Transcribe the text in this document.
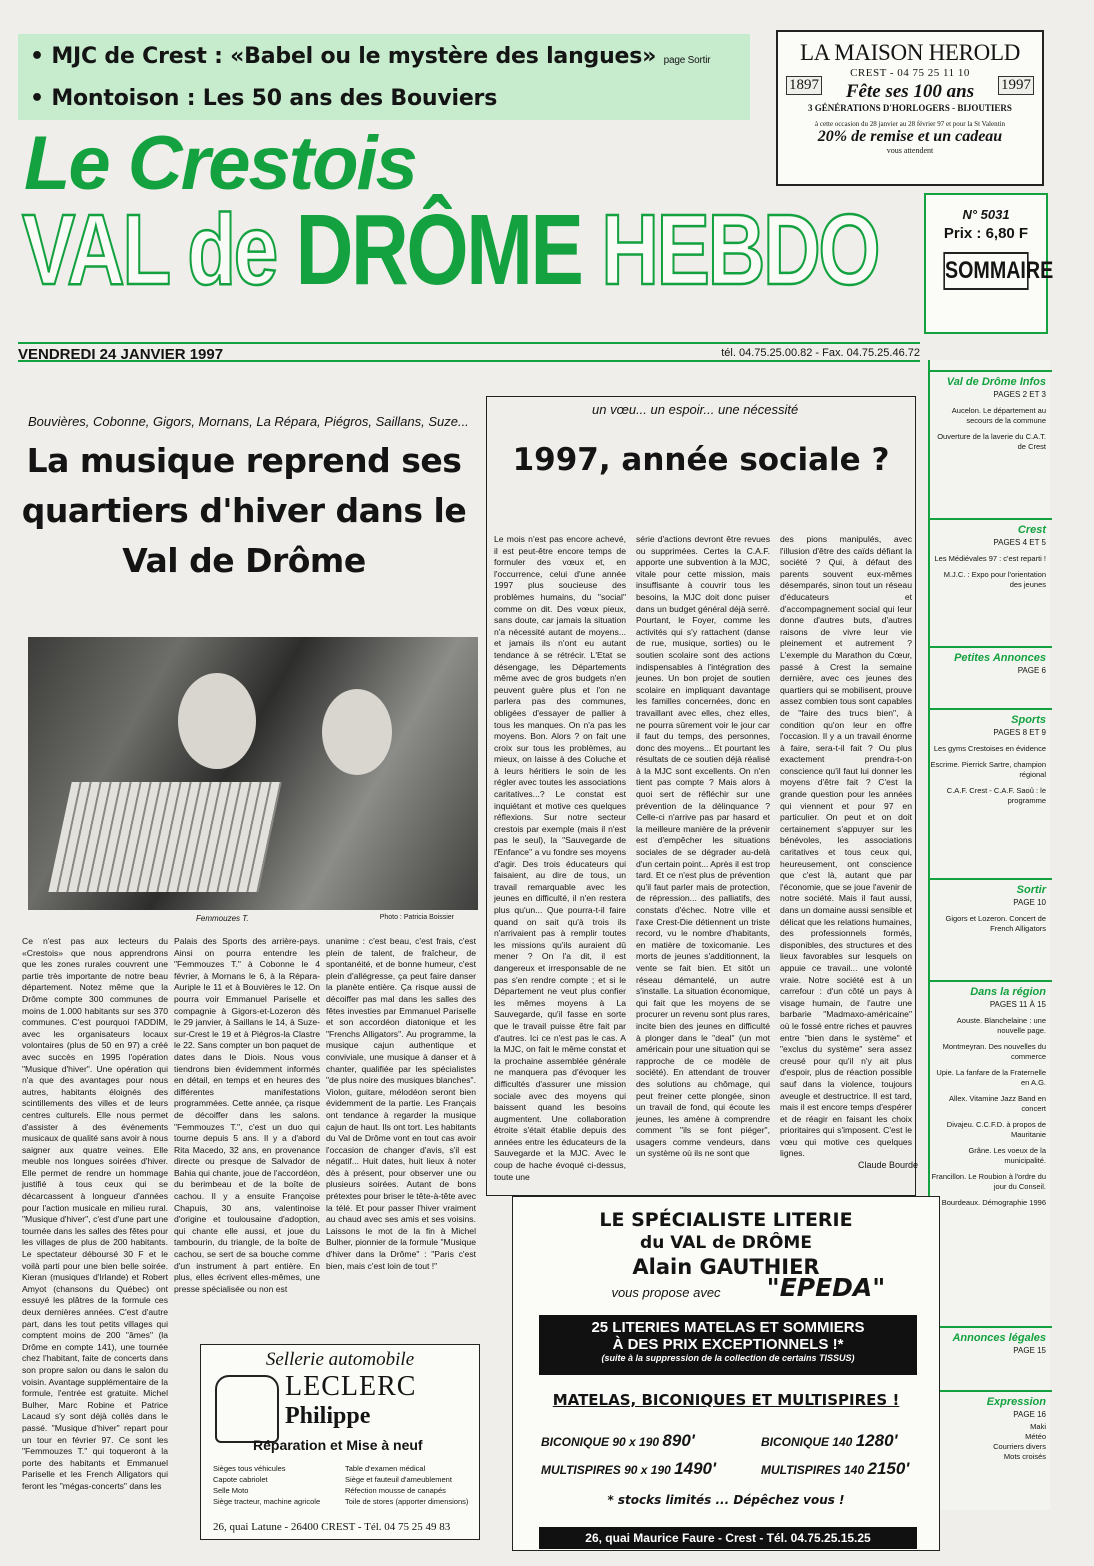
• MJC de Crest : «Babel ou le mystère des langues» page Sortir
• Montoison : Les 50 ans des Bouviers
LA MAISON HEROLD
1897	1997
CREST - 04 75 25 11 10
Fête ses 100 ans
3 GÉNÉRATIONS D'HORLOGERS - BIJOUTIERS
à cette occasion du 28 janvier au 28 février 97 et pour la St Valentin
20% de remise et un cadeau
vous attendent
Le Crestois
VAL de DRÔME HEBDO	N° 5031
Prix : 6,80 F
SOMMAIRE
VENDREDI 24 JANVIER 1997	tél. 04.75.25.00.82 - Fax. 04.75.25.46.72
Val de Drôme Infos
PAGES 2 ET 3
Aucelon. Le département au secours de la commune
Ouverture de la laverie du C.A.T. de Crest
Crest
PAGES 4 ET 5
Les Médiévales 97 : c'est reparti !
M.J.C. : Expo pour l'orientation des jeunes
Petites Annonces
PAGE 6
Sports
PAGES 8 ET 9
Les gyms Crestoises en évidence
Escrime. Pierrick Sartre, champion régional
C.A.F. Crest - C.A.F. Saoû : le programme
Sortir
PAGE 10
Gigors et Lozeron. Concert de French Alligators
Dans la région
PAGES 11 À 15
Aouste. Blanchelaine : une nouvelle page.
Montmeyran. Des nouvelles du commerce
Upie. La fanfare de la Fraternelle en A.G.
Allex. Vitamine Jazz Band en concert
Divajeu. C.C.F.D. à propos de Mauritanie
Grâne. Les voeux de la municipalité.
Francillon. Le Roubion à l'ordre du jour du Conseil.
Bourdeaux. Démographie 1996
Annonces légales
PAGE 15
Expression
PAGE 16
Maki
Météo
Courriers divers
Mots croisés
Bouvières, Cobonne, Gigors, Mornans, La Répara, Piégros, Saillans, Suze...
La musique reprend ses quartiers d'hiver dans le Val de Drôme
Femmouzes T.	Photo : Patricia Boissier
Ce n'est pas aux lecteurs du «Crestois» que nous apprendrons que les zones rurales couvrent une partie très importante de notre beau département. Notez même que la Drôme compte 300 communes de moins de 1.000 habitants sur ses 370 communes. C'est pourquoi l'ADDIM, avec les organisateurs locaux volontaires (plus de 50 en 97) a créé avec succès en 1995 l'opération "Musique d'hiver". Une opération qui n'a que des avantages pour nous autres, habitants éloignés des scintillements des villes et de leurs centres culturels. Elle nous permet d'assister à des événements musicaux de qualité sans avoir à nous saigner aux quatre veines. Elle meuble nos longues soirées d'hiver. Elle permet de rendre un hommage justifié à tous ceux qui se décarcassent à longueur d'années pour l'action musicale en milieu rural. "Musique d'hiver", c'est d'une part une tournée dans les salles des fêtes pour les villages de plus de 200 habitants. Le spectateur déboursé 30 F et le voilà parti pour une bien belle soirée. Kieran (musiques d'Irlande) et Robert Amyot (chansons du Québec) ont essuyé les plâtres de la formule ces deux dernières années. C'est d'autre part, dans les tout petits villages qui comptent moins de 200 "âmes" (la Drôme en compte 141), une tournée chez l'habitant, faite de concerts dans son propre salon ou dans le salon du voisin. Avantage supplémentaire de la formule, l'entrée est gratuite. Michel Bulher, Marc Robine et Patrice Lacaud s'y sont déjà collés dans le passé. "Musique d'hiver" repart pour un tour en février 97. Ce sont les "Femmouzes T." qui toqueront à la porte des habitants et Emmanuel Pariselle et les French Alligators qui feront les "mégas-concerts" dans les
Palais des Sports des arrière-pays. Ainsi on pourra entendre les "Femmouzes T." à Cobonne le 4 février, à Mornans le 6, à la Répara-Auriple le 11 et à Bouvières le 12. On pourra voir Emmanuel Pariselle et compagnie à Gigors-et-Lozeron dès le 29 janvier, à Saillans le 14, à Suze-sur-Crest le 19 et à Piégros-la Clastre le 22. Sans compter un bon paquet de dates dans le Diois. Nous vous tiendrons bien évidemment informés en détail, en temps et en heures des différentes manifestations programmées. Cette année, ça risque de décoiffer dans les salons. "Femmouzes T.", c'est un duo qui tourne depuis 5 ans. Il y a d'abord Rita Macedo, 32 ans, en provenance directe ou presque de Salvador de Bahia qui chante, joue de l'accordéon, du berimbeau et de la boîte de cachou. Il y a ensuite Françoise Chapuis, 30 ans, valentinoise d'origine et toulousaine d'adoption, qui chante elle aussi, et joue du tambourin, du triangle, de la boîte de cachou, se sert de sa bouche comme d'un instrument à part entière. En plus, elles écrivent elles-mêmes, une presse spécialisée ou non est
unanime : c'est beau, c'est frais, c'est plein de talent, de fraîcheur, de spontanéité, et de bonne humeur, c'est plein d'allégresse, ça peut faire danser la planète entière. Ça risque aussi de décoiffer pas mal dans les salles des fêtes investies par Emmanuel Pariselle et son accordéon diatonique et les "Frenchs Alligators". Au programme, la musique cajun authentique et conviviale, une musique à danser et à chanter, qualifiée par les spécialistes "de plus noire des musiques blanches". Violon, guitare, mélodéon seront bien évidemment de la partie. Les Français ont tendance à regarder la musique cajun de haut. Ils ont tort. Les habitants du Val de Drôme vont en tout cas avoir l'occasion de changer d'avis, s'il est négatif... Huit dates, huit lieux à noter dès à présent, pour observer une ou plusieurs soirées. Autant de bons prétextes pour briser le tête-à-tête avec la télé. Et pour passer l'hiver vraiment au chaud avec ses amis et ses voisins. Laissons le mot de la fin à Michel Bulher, pionnier de la formule "Musique d'hiver dans la Drôme" : "Paris c'est bien, mais c'est loin de tout !"
Sellerie automobile
LECLERC
Philippe
Réparation et Mise à neuf
Sièges tous véhicules
Capote cabriolet
Selle Moto
Siège tracteur, machine agricole
Table d'examen médical
Siège et fauteuil d'ameublement
Réfection mousse de canapés
Toile de stores (apporter dimensions)
26, quai Latune - 26400 CREST - Tél. 04 75 25 49 83
un vœu... un espoir... une nécessité
1997, année sociale ?
Le mois n'est pas encore achevé, il est peut-être encore temps de formuler des vœux et, en l'occurrence, celui d'une année 1997 plus soucieuse des problèmes humains, du "social" comme on dit. Des vœux pieux, sans doute, car jamais la situation n'a nécessité autant de moyens... et jamais ils n'ont eu autant tendance à se rétrécir. L'Etat se désengage, les Départements même avec de gros budgets n'en peuvent guère plus et l'on ne parlera pas des communes, obligées d'essayer de pallier à tous les manques. On n'a pas les moyens. Bon. Alors ? on fait une croix sur tous les problèmes, au mieux, on laisse à des Coluche et à leurs héritiers le soin de les régler avec toutes les associations caritatives...? Le constat est inquiétant et motive ces quelques réflexions. Sur notre secteur crestois par exemple (mais il n'est pas le seul), la "Sauvegarde de l'Enfance" a vu fondre ses moyens d'agir. Des trois éducateurs qui faisaient, au dire de tous, un travail remarquable avec les jeunes en difficulté, il n'en restera plus qu'un... Que pourra-t-il faire quand on sait qu'à trois ils n'arrivaient pas à remplir toutes les missions qu'ils auraient dû mener ? On l'a dit, il est dangereux et irresponsable de ne pas s'en rendre compte ; et si le Département ne veut plus confier les mêmes moyens à La Sauvegarde, qu'il fasse en sorte que le travail puisse être fait par d'autres. Ici ce n'est pas le cas. A la MJC, on fait le même constat et la prochaine assemblée générale ne manquera pas d'évoquer les difficultés d'assurer une mission sociale avec des moyens qui baissent quand les besoins augmentent. Une collaboration étroite s'était établie depuis des années entre les éducateurs de la Sauvegarde et la MJC. Avec le coup de hache évoqué ci-dessus, toute une
série d'actions devront être revues ou supprimées. Certes la C.A.F. apporte une subvention à la MJC, vitale pour cette mission, mais insuffisante à couvrir tous les besoins, la MJC doit donc puiser dans un budget général déjà serré. Pourtant, le Foyer, comme les activités qui s'y rattachent (danse de rue, musique, sorties) ou le soutien scolaire sont des actions indispensables à l'intégration des jeunes. Un bon projet de soutien scolaire en impliquant davantage les familles concernées, donc en travaillant avec elles, chez elles, ne pourra sûrement voir le jour car il faut du temps, des personnes, donc des moyens... Et pourtant les résultats de ce soutien déjà réalisé à la MJC sont excellents. On n'en tient pas compte ? Mais alors à quoi sert de réfléchir sur une prévention de la délinquance ? Celle-ci n'arrive pas par hasard et la meilleure manière de la prévenir est d'empêcher les situations sociales de se dégrader au-delà d'un certain point... Après il est trop tard. Et ce n'est plus de prévention qu'il faut parler mais de protection, de répression... des palliatifs, des constats d'échec. Notre ville et l'axe Crest-Die détiennent un triste record, vu le nombre d'habitants, en matière de toxicomanie. Les morts de jeunes s'additionnent, la vente se fait bien. Et sitôt un réseau démantelé, un autre s'installe. La situation économique, qui fait que les moyens de se procurer un revenu sont plus rares, incite bien des jeunes en difficulté à plonger dans le "deal" (un mot américain pour une situation qui se rapproche de ce modèle de société). En attendant de trouver des solutions au chômage, qui peut freiner cette plongée, sinon un travail de fond, qui écoute les jeunes, les amène à comprendre comment "ils se font piéger", usagers comme vendeurs, dans un système où ils ne sont que
des pions manipulés, avec l'illusion d'être des caïds défiant la société ? Qui, à défaut des parents souvent eux-mêmes désemparés, sinon tout un réseau d'éducateurs et d'accompagnement social qui leur donne d'autres buts, d'autres raisons de vivre leur vie pleinement et autrement ? L'exemple du Marathon du Cœur, passé à Crest la semaine dernière, avec ces jeunes des quartiers qui se mobilisent, prouve assez combien tous sont capables de "faire des trucs bien", à condition qu'on leur en offre l'occasion. Il y a un travail énorme à faire, sera-t-il fait ? Ou plus exactement prendra-t-on conscience qu'il faut lui donner les moyens d'être fait ? C'est la grande question pour les années qui viennent et pour 97 en particulier. On peut et on doit certainement s'appuyer sur les bénévoles, les associations caritatives et tous ceux qui, heureusement, ont conscience que c'est là, autant que par l'économie, que se joue l'avenir de notre société. Mais il faut aussi, dans un domaine aussi sensible et délicat que les relations humaines, des professionnels formés, disponibles, des structures et des lieux favorables sur lesquels on appuie ce travail... une volonté vraie. Notre société est à un carrefour : d'un côté un pays à visage humain, de l'autre une barbarie "Madmaxo-américaine" où le fossé entre riches et pauvres entre "bien dans le système" et "exclus du système" sera assez creusé pour qu'il n'y ait plus d'espoir, plus de réaction possible sauf dans la violence, toujours aveugle et destructrice. Il est tard, mais il est encore temps d'espérer et de réagir en faisant les choix prioritaires qui s'imposent. C'est le vœu qui motive ces quelques lignes.
Claude Bourde
LE SPÉCIALISTE LITERIE
du VAL de DRÔME
Alain GAUTHIER
vous propose avec	"EPEDA"
25 LITERIES MATELAS ET SOMMIERS
À DES PRIX EXCEPTIONNELS !*
(suite à la suppression de la collection de certains TISSUS)
MATELAS, BICONIQUES ET MULTISPIRES !
BICONIQUE 90 x 190 890'	BICONIQUE 140 1280'
MULTISPIRES 90 x 190 1490'	MULTISPIRES 140 2150'
* stocks limités ... Dépêchez vous !
26, quai Maurice Faure - Crest - Tél. 04.75.25.15.25
